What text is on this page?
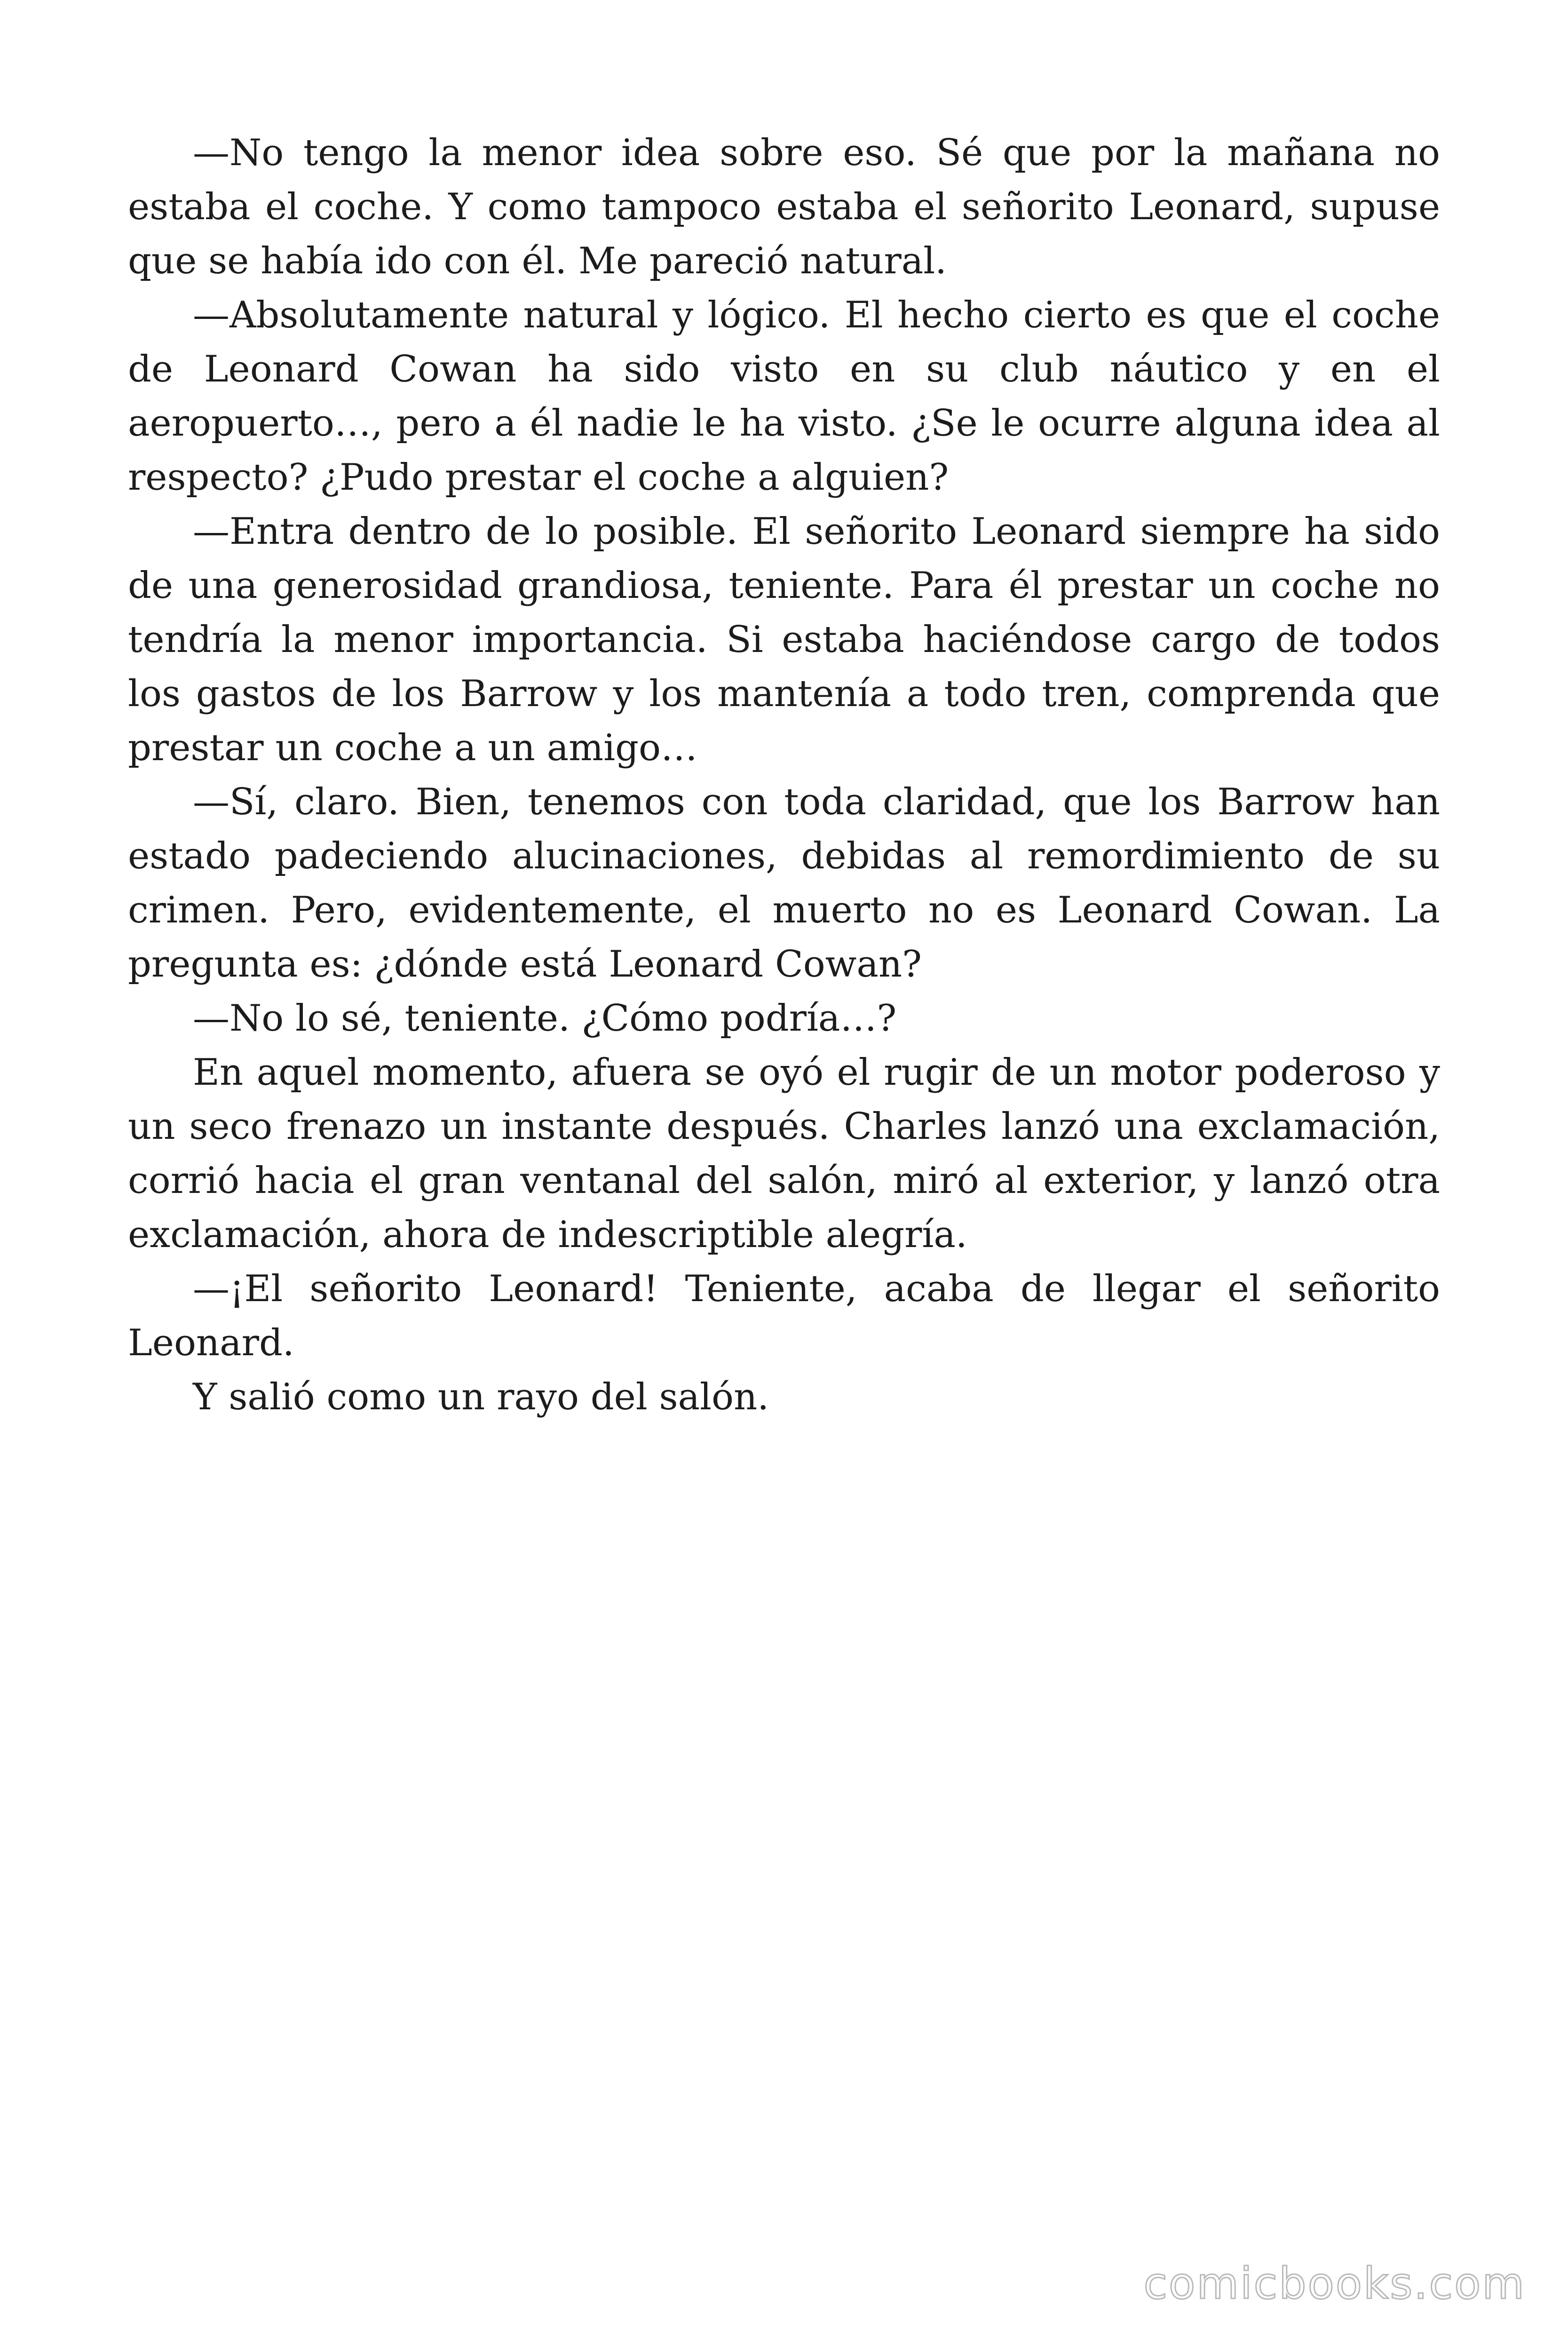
—No tengo la menor idea sobre eso. Sé que por la mañana no estaba el coche. Y como tampoco estaba el señorito Leonard, supuse que se había ido con él. Me pareció natural.

—Absolutamente natural y lógico. El hecho cierto es que el coche de Leonard Cowan ha sido visto en su club náutico y en el aeropuerto…, pero a él nadie le ha visto. ¿Se le ocurre alguna idea al respecto? ¿Pudo prestar el coche a alguien?

—Entra dentro de lo posible. El señorito Leonard siempre ha sido de una generosidad grandiosa, teniente. Para él prestar un coche no tendría la menor importancia. Si estaba haciéndose cargo de todos los gastos de los Barrow y los mantenía a todo tren, comprenda que prestar un coche a un amigo…

—Sí, claro. Bien, tenemos con toda claridad, que los Barrow han estado padeciendo alucinaciones, debidas al remordimiento de su crimen. Pero, evidentemente, el muerto no es Leonard Cowan. La pregunta es: ¿dónde está Leonard Cowan?

—No lo sé, teniente. ¿Cómo podría…?

En aquel momento, afuera se oyó el rugir de un motor poderoso y un seco frenazo un instante después. Charles lanzó una exclamación, corrió hacia el gran ventanal del salón, miró al exterior, y lanzó otra exclamación, ahora de indescriptible alegría.

—¡El señorito Leonard! Teniente, acaba de llegar el señorito Leonard.

Y salió como un rayo del salón.

comicbooks.com
